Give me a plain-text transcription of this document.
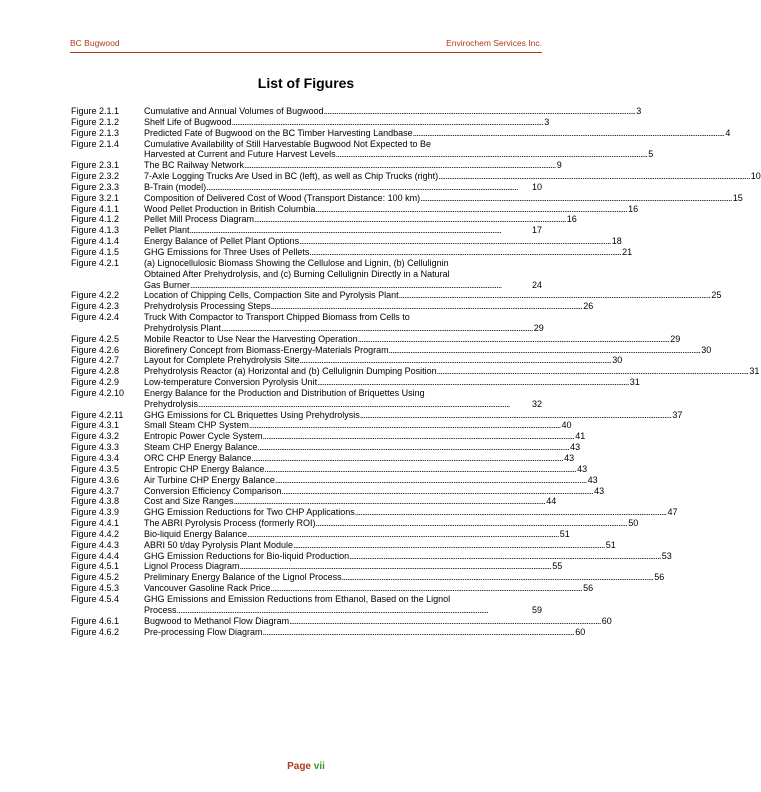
BC Bugwood	Envirochem Services Inc.
List of Figures
Figure 2.1.1	Cumulative and Annual Volumes of Bugwood . . .	3
Figure 2.1.2	Shelf Life of Bugwood . . .	3
Figure 2.1.3	Predicted Fate of Bugwood on the BC Timber Harvesting Landbase . . .	4
Figure 2.1.4	Cumulative Availability of Still Harvestable Bugwood Not Expected to Be
Harvested at Current and Future Harvest Levels . . .	5
Figure 2.3.1	The BC Railway Network . . .	9
Figure 2.3.2	7-Axle Logging Trucks Are Used in BC (left), as well as Chip Trucks (right) . . .	10
Figure 2.3.3	B-Train (model) . . .	10
Figure 3.2.1	Composition of Delivered Cost of Wood (Transport Distance: 100 km) . . .	15
Figure 4.1.1	Wood Pellet Production in British Columbia . . .	16
Figure 4.1.2	Pellet Mill Process Diagram . . .	16
Figure 4.1.3	Pellet Plant . . .	17
Figure 4.1.4	Energy Balance of Pellet Plant Options . . .	18
Figure 4.1.5	GHG Emissions for Three Uses of Pellets . . .	21
Figure 4.2.1	(a) Lignocellulosic Biomass Showing the Cellulose and Lignin, (b) Cellulignin
Obtained After Prehydrolysis, and (c) Burning Cellulignin Directly in a Natural
Gas Burner . . .	24
Figure 4.2.2	Location of Chipping Cells, Compaction Site and Pyrolysis Plant . . .	25
Figure 4.2.3	Prehydrolysis Processing Steps . . .	26
Figure 4.2.4	Truck With Compactor to Transport Chipped Biomass from Cells to
Prehydrolysis Plant . . .	29
Figure 4.2.5	Mobile Reactor to Use Near the Harvesting Operation . . .	29
Figure 4.2.6	Biorefinery Concept from Biomass-Energy-Materials Program . . .	30
Figure 4.2.7	Layout for Complete Prehydrolysis Site . . .	30
Figure 4.2.8	Prehydrolysis Reactor (a) Horizontal and (b) Cellulignin Dumping Position . . .	31
Figure 4.2.9	Low-temperature Conversion Pyrolysis Unit . . .	31
Figure 4.2.10	Energy Balance for the Production and Distribution of Briquettes Using
Prehydrolysis . . .	32
Figure 4.2.11	GHG Emissions for CL Briquettes Using Prehydrolysis . . .	37
Figure 4.3.1	Small Steam CHP System . . .	40
Figure 4.3.2	Entropic Power Cycle System . . .	41
Figure 4.3.3	Steam CHP Energy Balance . . .	43
Figure 4.3.4	ORC CHP Energy Balance . . .	43
Figure 4.3.5	Entropic CHP Energy Balance . . .	43
Figure 4.3.6	Air Turbine CHP Energy Balance . . .	43
Figure 4.3.7	Conversion Efficiency Comparison . . .	43
Figure 4.3.8	Cost and Size Ranges . . .	44
Figure 4.3.9	GHG Emission Reductions for Two CHP Applications . . .	47
Figure 4.4.1	The ABRI Pyrolysis Process (formerly ROI) . . .	50
Figure 4.4.2	Bio-liquid Energy Balance . . .	51
Figure 4.4.3	ABRI 50 t/day Pyrolysis Plant Module . . .	51
Figure 4.4.4	GHG Emission Reductions for Bio-liquid Production . . .	53
Figure 4.5.1	Lignol Process Diagram . . .	55
Figure 4.5.2	Preliminary Energy Balance of the Lignol Process . . .	56
Figure 4.5.3	Vancouver Gasoline Rack Price . . .	56
Figure 4.5.4	GHG Emissions and Emission Reductions from Ethanol, Based on the Lignol
Process . . .	59
Figure 4.6.1	Bugwood to Methanol Flow Diagram . . .	60
Figure 4.6.2	Pre-processing Flow Diagram . . .	60
Page vii
